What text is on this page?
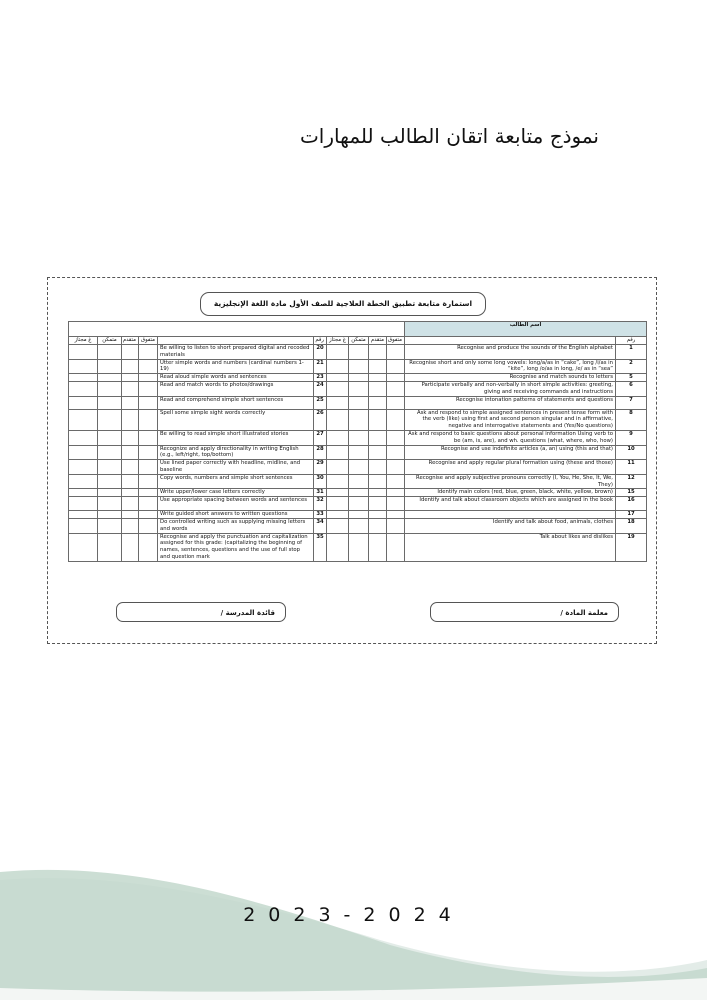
نموذج متابعة اتقان الطالب للمهارات
استمارة متابعة تطبيق الخطة العلاجية للصف الأول مادة اللغة الإنجليزية
										اسم الطالب	
غ مجتاز	متمكن	متقدم	متفوق		رقم	غ مجتاز	متمكن	متقدم	متفوق		رقم
				Be willing to listen to short prepared digital and recoded materials	20					Recognise and produce the sounds of the English alphabet	1
				Utter simple words and numbers (cardinal numbers 1-19)	21					Recognise short and only some long vowels: long/a/as in “cake”, long /i/as in “kite”, long /o/as in long, /e/ as in “sea”	2
				Read aloud simple words and sentences	23					Recognise and match sounds to letters	5
				Read and match words to photos/drawings	24					Participate verbally and non-verbally in short simple activities: greeting, giving and receiving commands and instructions	6
				Read and comprehend simple short sentences	25					Recognise intonation patterns of statements and questions	7
				Spell some simple sight words correctly	26					Ask and respond to simple assigned sentences in present tense form with the verb (like) using first and second person singular and in affirmative, negative and interrogative statements and (Yes/No questions)	8
				Be willing to read simple short illustrated stories	27					Ask and respond to basic questions about personal information Using verb to be (am, is, are), and wh. questions (what, where, who, how)	9
				Recognize and apply directionality in writing English (e.g., left/right, top/bottom)	28					Recognise and use indefinite articles (a, an) using (this and that)	10
				Use lined paper correctly with headline, midline, and baseline	29					Recognise and apply regular plural formation using (these and those)	11
				Copy words, numbers and simple short sentences	30					Recognise and apply subjective pronouns correctly (I, You, He, She, It, We, They)	12
				Write upper/lower case letters correctly	31					Identify main colors (red, blue, green, black, white, yellow, brown)	15
				Use appropriate spacing between words and sentences	32					Identify and talk about classroom objects which are assigned in the book	16
				Write guided short answers to written questions	33						17
				Do controlled writing such as supplying missing letters and words	34					Identify and talk about food, animals, clothes	18
				Recognise and apply the punctuation and capitalization assigned for this grade: (capitalizing the beginning of names, sentences, questions and the use of full stop and question mark	35					Talk about likes and dislikes	19
قائدة المدرسة /	معلمة المادة /
2023-2024
